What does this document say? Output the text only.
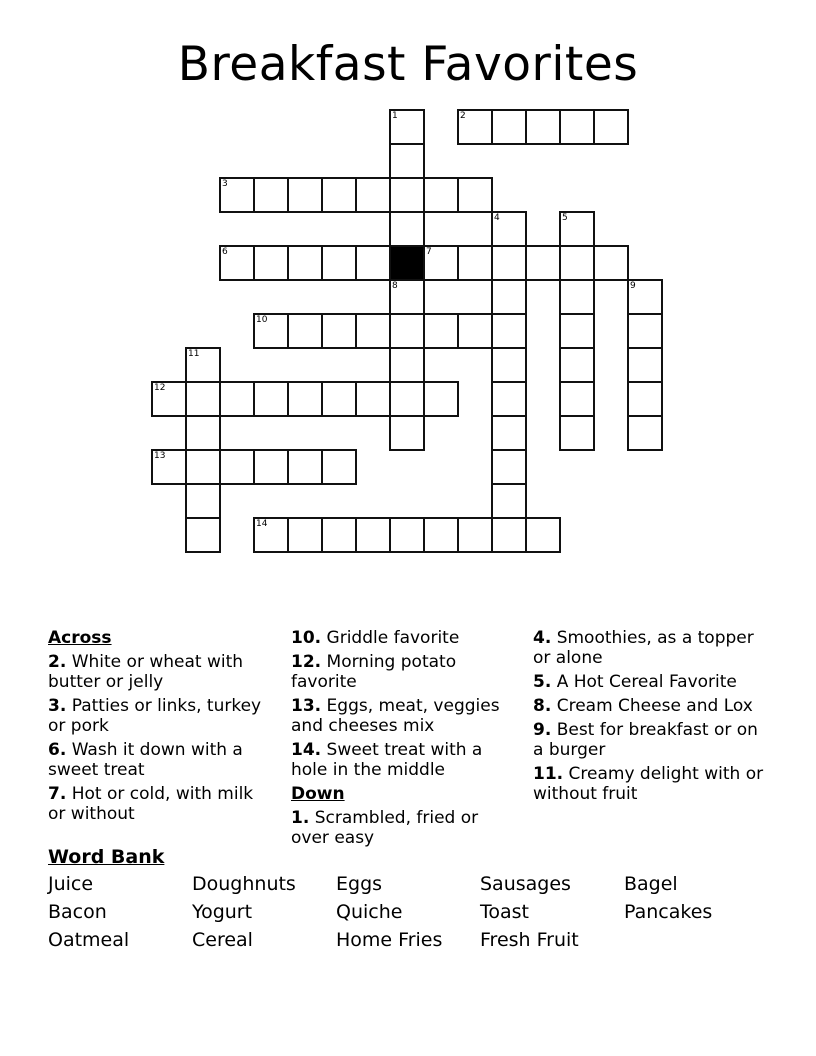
Breakfast Favorites
1	2
3
4	5
6	7
8	9
10
11
12
13
14
Across
2. White or wheat with butter or jelly
3. Patties or links, turkey or pork
6. Wash it down with a sweet treat
7. Hot or cold, with milk or without
10. Griddle favorite
12. Morning potato favorite
13. Eggs, meat, veggies and cheeses mix
14. Sweet treat with a hole in the middle
Down
1. Scrambled, fried or over easy
4. Smoothies, as a topper or alone
5. A Hot Cereal Favorite
8. Cream Cheese and Lox
9. Best for breakfast or on a burger
11. Creamy delight with or without fruit
Word Bank
Juice	Doughnuts	Eggs	Sausages	Bagel
Bacon	Yogurt	Quiche	Toast	Pancakes
Oatmeal	Cereal	Home Fries	Fresh Fruit
